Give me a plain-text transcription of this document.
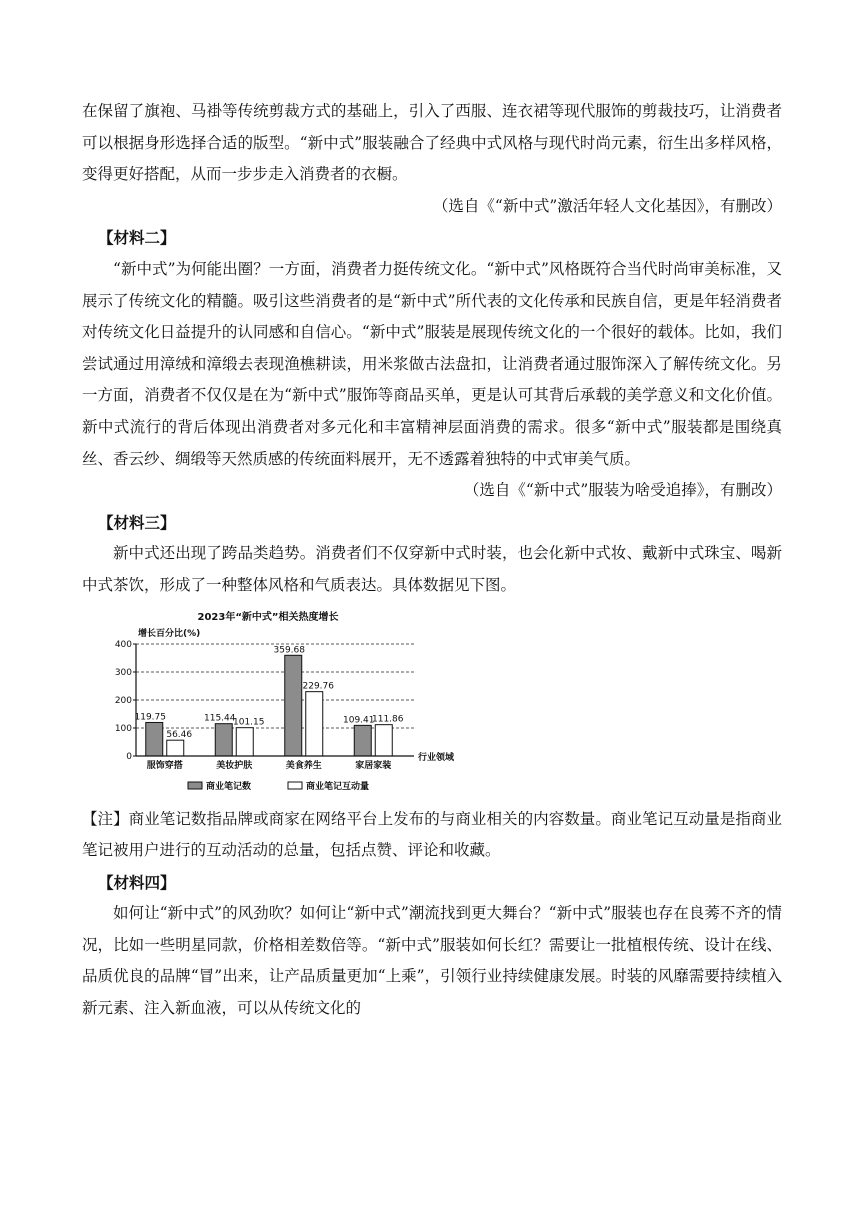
在保留了旗袍、马褂等传统剪裁方式的基础上，引入了西服、连衣裙等现代服饰的剪裁技巧，让消费者可以根据身形选择合适的版型。“新中式”服装融合了经典中式风格与现代时尚元素，衍生出多样风格，变得更好搭配，从而一步步走入消费者的衣橱。

（选自《“新中式”激活年轻人文化基因》，有删改）

【材料二】

“新中式”为何能出圈？一方面，消费者力挺传统文化。“新中式”风格既符合当代时尚审美标准，又展示了传统文化的精髓。吸引这些消费者的是“新中式”所代表的文化传承和民族自信，更是年轻消费者对传统文化日益提升的认同感和自信心。“新中式”服装是展现传统文化的一个很好的载体。比如，我们尝试通过用漳绒和漳缎去表现渔樵耕读，用米浆做古法盘扣，让消费者通过服饰深入了解传统文化。另一方面，消费者不仅仅是在为“新中式”服饰等商品买单，更是认可其背后承载的美学意义和文化价值。新中式流行的背后体现出消费者对多元化和丰富精神层面消费的需求。很多“新中式”服装都是围绕真丝、香云纱、绸缎等天然质感的传统面料展开，无不透露着独特的中式审美气质。

（选自《“新中式”服装为啥受追捧》，有删改）

【材料三】

新中式还出现了跨品类趋势。消费者们不仅穿新中式时装，也会化新中式妆、戴新中式珠宝、喝新中式茶饮，形成了一种整体风格和气质表达。具体数据见下图。

2023年“新中式”相关热度增长
增长百分比(%)
0
100
200
300
400
119.75
56.46
服饰穿搭
115.44
101.15
美妆护肤
359.68
229.76
美食养生
109.41
111.86
家居家装
行业领域
商业笔记数	商业笔记互动量

【注】商业笔记数指品牌或商家在网络平台上发布的与商业相关的内容数量。商业笔记互动量是指商业笔记被用户进行的互动活动的总量，包括点赞、评论和收藏。

【材料四】

如何让“新中式”的风劲吹？如何让“新中式”潮流找到更大舞台？“新中式”服装也存在良莠不齐的情况，比如一些明星同款，价格相差数倍等。“新中式”服装如何长红？需要让一批植根传统、设计在线、品质优良的品牌“冒”出来，让产品质量更加“上乘”，引领行业持续健康发展。时装的风靡需要持续植入新元素、注入新血液，可以从传统文化的
